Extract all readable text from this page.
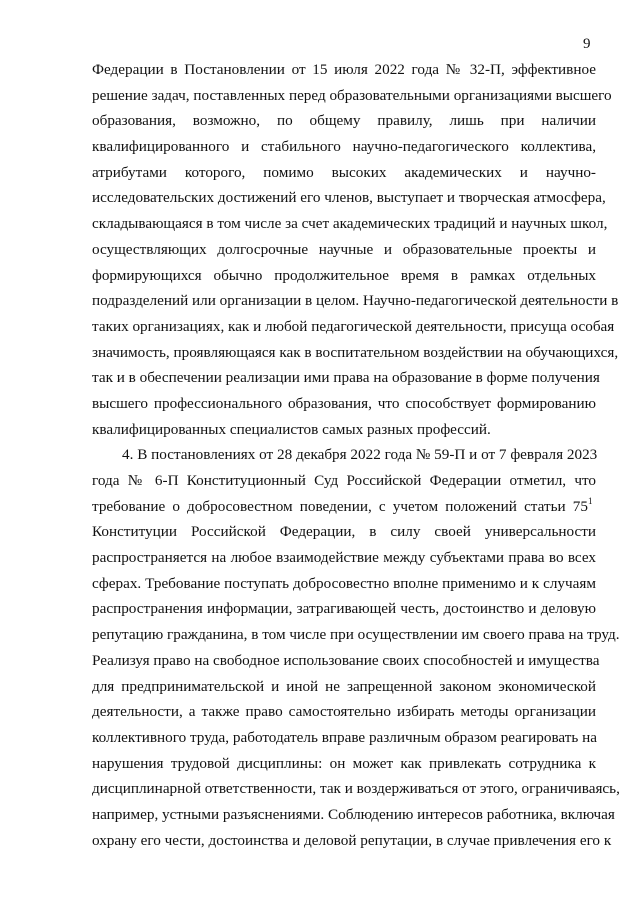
9
Федерации в Постановлении от 15 июля 2022 года № 32-П, эффективное
решение задач, поставленных перед образовательными организациями высшего
образования, возможно, по общему правилу, лишь при наличии
квалифицированного и стабильного научно-педагогического коллектива,
атрибутами которого, помимо высоких академических и научно-
исследовательских достижений его членов, выступает и творческая атмосфера,
складывающаяся в том числе за счет академических традиций и научных школ,
осуществляющих долгосрочные научные и образовательные проекты и
формирующихся обычно продолжительное время в рамках отдельных
подразделений или организации в целом. Научно-педагогической деятельности в
таких организациях, как и любой педагогической деятельности, присуща особая
значимость, проявляющаяся как в воспитательном воздействии на обучающихся,
так и в обеспечении реализации ими права на образование в форме получения
высшего профессионального образования, что способствует формированию
квалифицированных специалистов самых разных профессий.
4. В постановлениях от 28 декабря 2022 года № 59-П и от 7 февраля 2023
года № 6-П Конституционный Суд Российской Федерации отметил, что
требование о добросовестном поведении, с учетом положений статьи $75^1$
Конституции Российской Федерации, в силу своей универсальности
распространяется на любое взаимодействие между субъектами права во всех
сферах. Требование поступать добросовестно вполне применимо и к случаям
распространения информации, затрагивающей честь, достоинство и деловую
репутацию гражданина, в том числе при осуществлении им своего права на труд.
Реализуя право на свободное использование своих способностей и имущества
для предпринимательской и иной не запрещенной законом экономической
деятельности, а также право самостоятельно избирать методы организации
коллективного труда, работодатель вправе различным образом реагировать на
нарушения трудовой дисциплины: он может как привлекать сотрудника к
дисциплинарной ответственности, так и воздерживаться от этого, ограничиваясь,
например, устными разъяснениями. Соблюдению интересов работника, включая
охрану его чести, достоинства и деловой репутации, в случае привлечения его к
